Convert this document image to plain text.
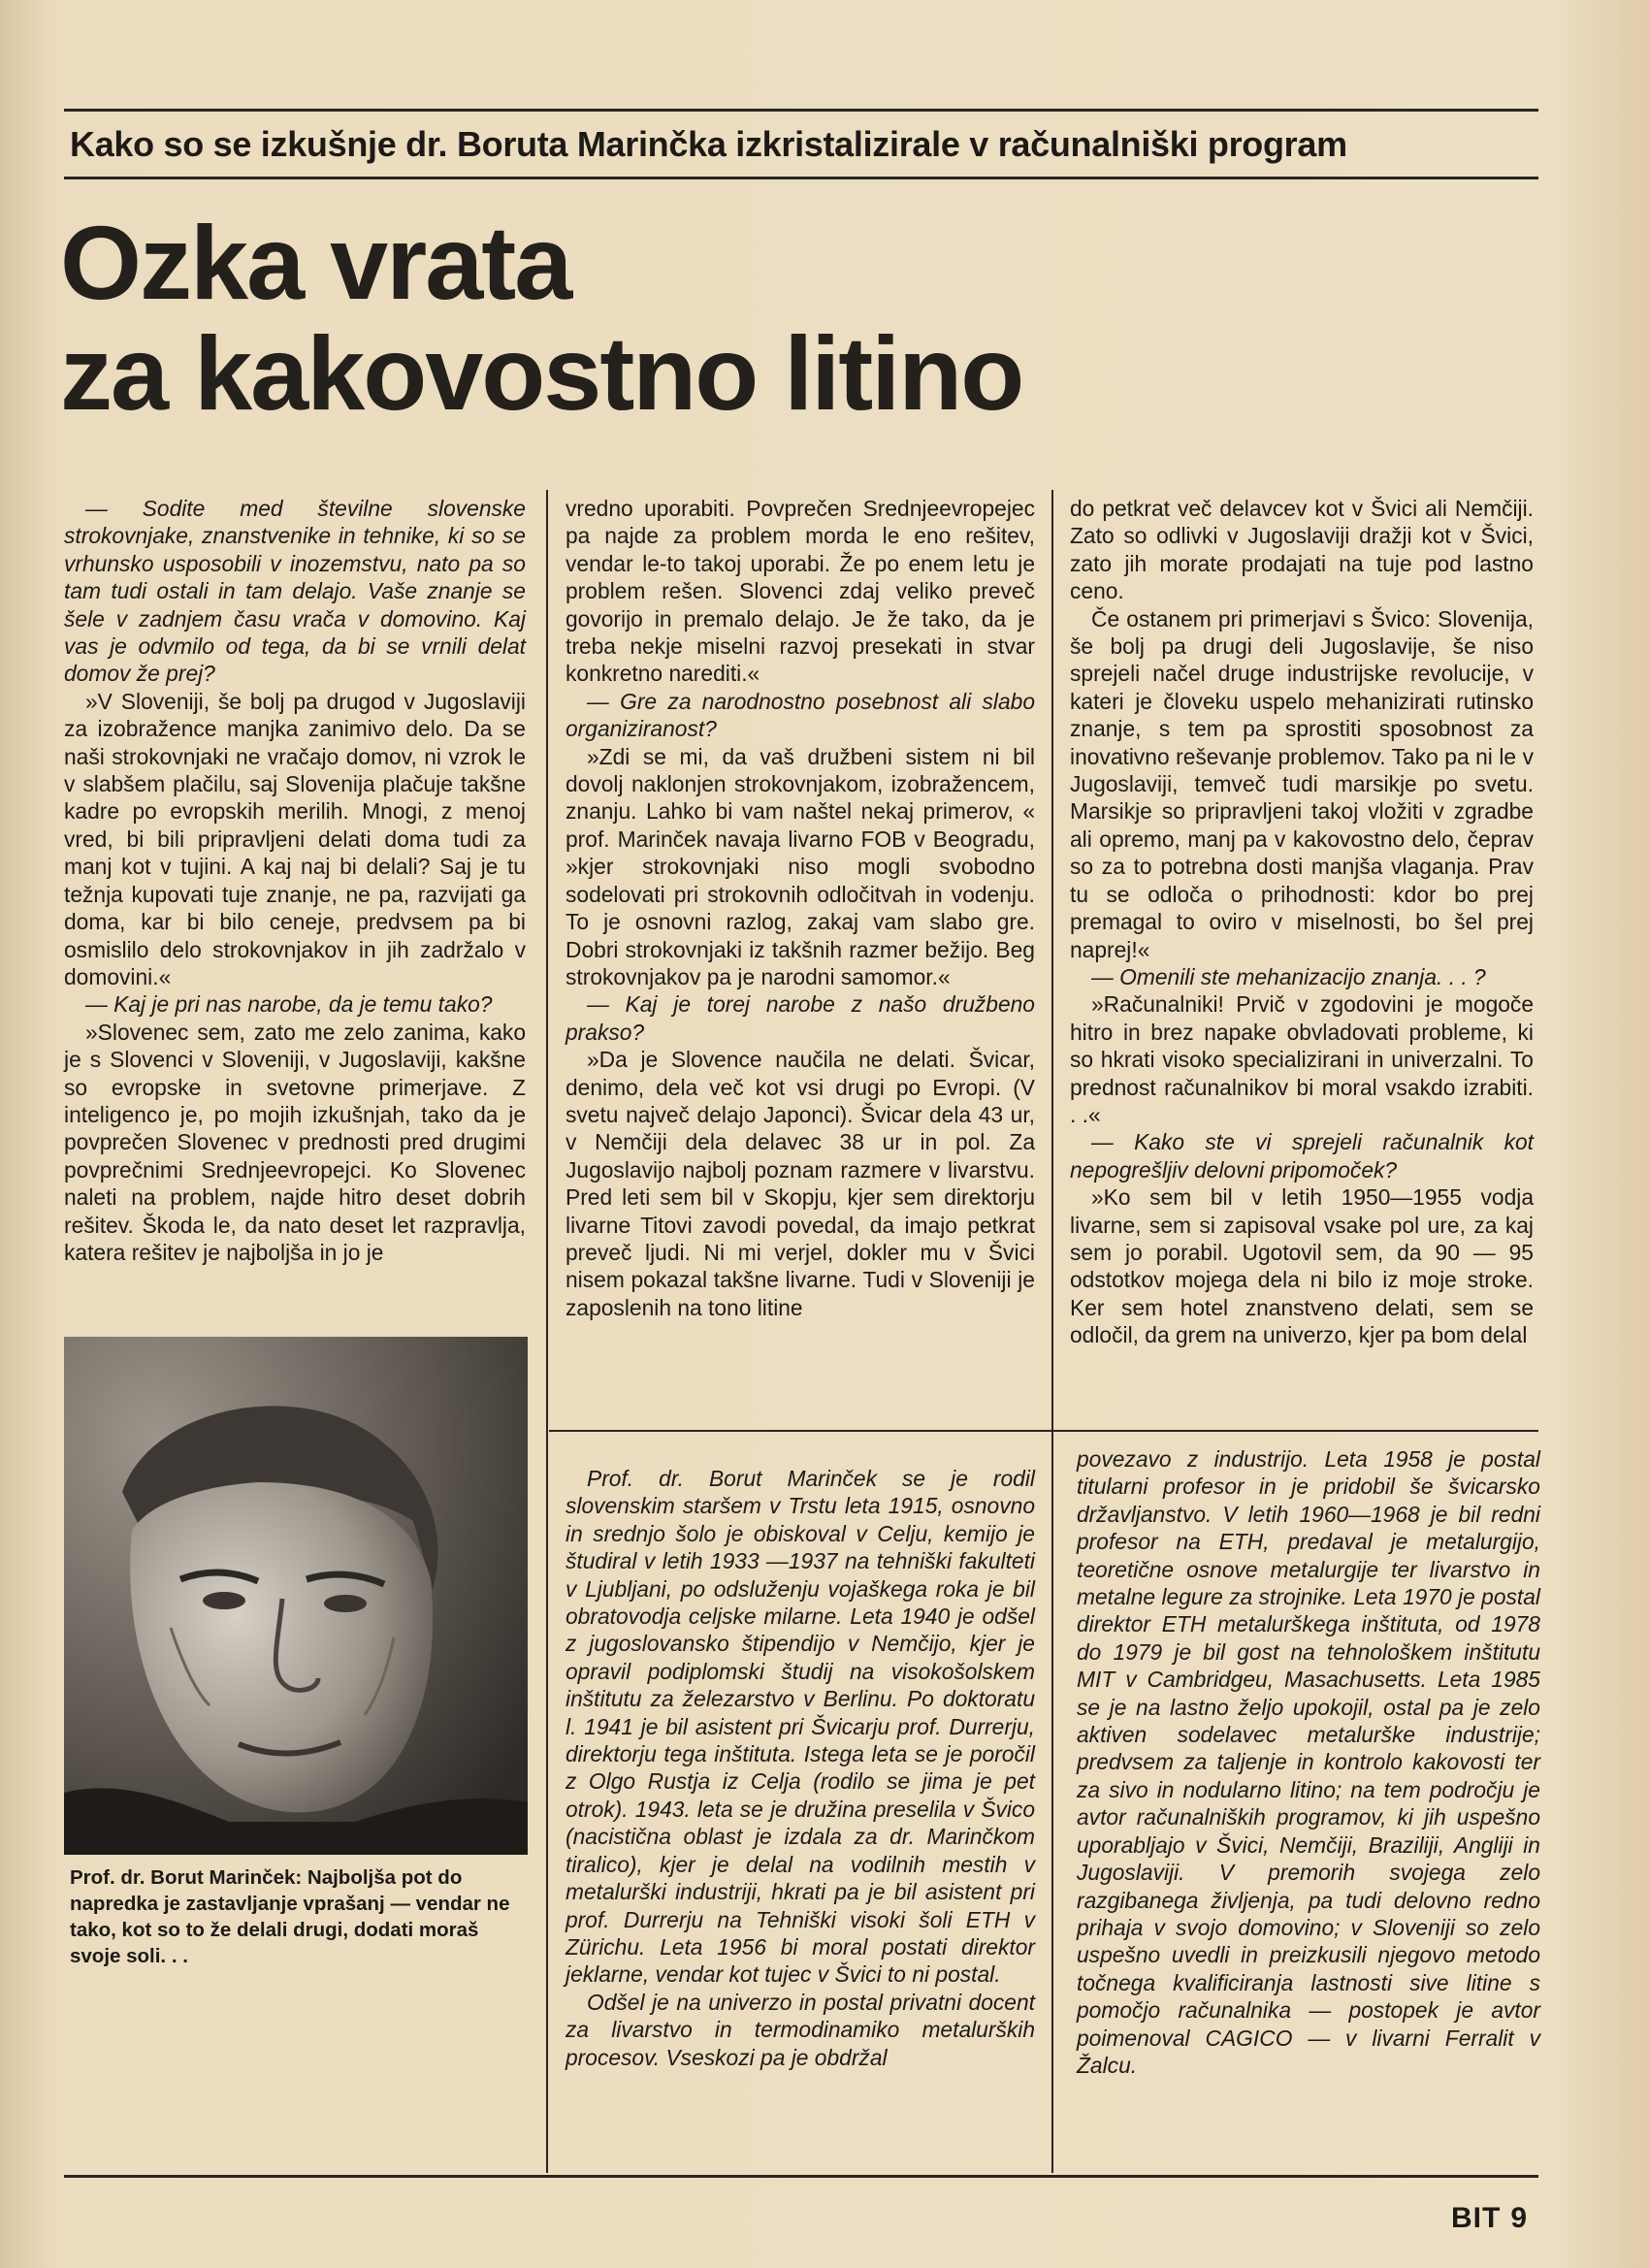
Kako so se izkušnje dr. Boruta Marinčka izkristalizirale v računalniški program
Ozka vrata
za kakovostno litino

— Sodite med številne slovenske strokovnjake, znanstvenike in tehnike, ki so se vrhunsko usposobili v inozemstvu, nato pa so tam tudi ostali in tam delajo. Vaše znanje se šele v zadnjem času vrača v domovino. Kaj vas je odvmilo od tega, da bi se vrnili delat domov že prej?

»V Sloveniji, še bolj pa drugod v Jugoslaviji za izobražence manjka zanimivo delo. Da se naši strokovnjaki ne vračajo domov, ni vzrok le v slabšem plačilu, saj Slovenija plačuje takšne kadre po evropskih merilih. Mnogi, z menoj vred, bi bili pripravljeni delati doma tudi za manj kot v tujini. A kaj naj bi delali? Saj je tu težnja kupovati tuje znanje, ne pa, razvijati ga doma, kar bi bilo ceneje, predvsem pa bi osmislilo delo strokovnjakov in jih zadržalo v domovini.«

— Kaj je pri nas narobe, da je temu tako?

»Slovenec sem, zato me zelo zanima, kako je s Slovenci v Sloveniji, v Jugoslaviji, kakšne so evropske in svetovne primerjave. Z inteligenco je, po mojih izkušnjah, tako da je povprečen Slovenec v prednosti pred drugimi povprečnimi Srednjeevropejci. Ko Slovenec naleti na problem, najde hitro deset dobrih rešitev. Škoda le, da nato deset let razpravlja, katera rešitev je najboljša in jo je

vredno uporabiti. Povprečen Srednjeevropejec pa najde za problem morda le eno rešitev, vendar le-to takoj uporabi. Že po enem letu je problem rešen. Slovenci zdaj veliko preveč govorijo in premalo delajo. Je že tako, da je treba nekje miselni razvoj presekati in stvar konkretno narediti.«

— Gre za narodnostno posebnost ali slabo organiziranost?

»Zdi se mi, da vaš družbeni sistem ni bil dovolj naklonjen strokovnjakom, izobražencem, znanju. Lahko bi vam naštel nekaj primerov, « prof. Marinček navaja livarno FOB v Beogradu, »kjer strokovnjaki niso mogli svobodno sodelovati pri strokovnih odločitvah in vodenju. To je osnovni razlog, zakaj vam slabo gre. Dobri strokovnjaki iz takšnih razmer bežijo. Beg strokovnjakov pa je narodni samomor.«

— Kaj je torej narobe z našo družbeno prakso?

»Da je Slovence naučila ne delati. Švicar, denimo, dela več kot vsi drugi po Evropi. (V svetu največ delajo Japonci). Švicar dela 43 ur, v Nemčiji dela delavec 38 ur in pol. Za Jugoslavijo najbolj poznam razmere v livarstvu. Pred leti sem bil v Skopju, kjer sem direktorju livarne Titovi zavodi povedal, da imajo petkrat preveč ljudi. Ni mi verjel, dokler mu v Švici nisem pokazal takšne livarne. Tudi v Sloveniji je zaposlenih na tono litine

do petkrat več delavcev kot v Švici ali Nemčiji. Zato so odlivki v Jugoslaviji dražji kot v Švici, zato jih morate prodajati na tuje pod lastno ceno.

Če ostanem pri primerjavi s Švico: Slovenija, še bolj pa drugi deli Jugoslavije, še niso sprejeli načel druge industrijske revolucije, v kateri je človeku uspelo mehanizirati rutinsko znanje, s tem pa sprostiti sposobnost za inovativno reševanje problemov. Tako pa ni le v Jugoslaviji, temveč tudi marsikje po svetu. Marsikje so pripravljeni takoj vložiti v zgradbe ali opremo, manj pa v kakovostno delo, čeprav so za to potrebna dosti manjša vlaganja. Prav tu se odloča o prihodnosti: kdor bo prej premagal to oviro v miselnosti, bo šel prej naprej!«

— Omenili ste mehanizacijo znanja. . . ?

»Računalniki! Prvič v zgodovini je mogoče hitro in brez napake obvladovati probleme, ki so hkrati visoko specializirani in univerzalni. To prednost računalnikov bi moral vsakdo izrabiti. . .«

— Kako ste vi sprejeli računalnik kot nepogrešljiv delovni pripomoček?

»Ko sem bil v letih 1950—1955 vodja livarne, sem si zapisoval vsake pol ure, za kaj sem jo porabil. Ugotovil sem, da 90 — 95 odstotkov mojega dela ni bilo iz moje stroke. Ker sem hotel znanstveno delati, sem se odločil, da grem na univerzo, kjer pa bom delal

Prof. dr. Borut Marinček: Najboljša pot do napredka je zastavljanje vprašanj — vendar ne tako, kot so to že delali drugi, dodati moraš svoje soli. . .

Prof. dr. Borut Marinček se je rodil slovenskim staršem v Trstu leta 1915, osnovno in srednjo šolo je obiskoval v Celju, kemijo je študiral v letih 1933 —1937 na tehniški fakulteti v Ljubljani, po odsluženju vojaškega roka je bil obratovodja celjske milarne. Leta 1940 je odšel z jugoslovansko štipendijo v Nemčijo, kjer je opravil podiplomski študij na visokošolskem inštitutu za železarstvo v Berlinu. Po doktoratu l. 1941 je bil asistent pri Švicarju prof. Durrerju, direktorju tega inštituta. Istega leta se je poročil z Olgo Rustja iz Celja (rodilo se jima je pet otrok). 1943. leta se je družina preselila v Švico (nacistična oblast je izdala za dr. Marinčkom tiralico), kjer je delal na vodilnih mestih v metalurški industriji, hkrati pa je bil asistent pri prof. Durrerju na Tehniški visoki šoli ETH v Zürichu. Leta 1956 bi moral postati direktor jeklarne, vendar kot tujec v Švici to ni postal.

Odšel je na univerzo in postal privatni docent za livarstvo in termodinamiko metalurških procesov. Vseskozi pa je obdržal

povezavo z industrijo. Leta 1958 je postal titularni profesor in je pridobil še švicarsko državljanstvo. V letih 1960—1968 je bil redni profesor na ETH, predaval je metalurgijo, teoretične osnove metalurgije ter livarstvo in metalne legure za strojnike. Leta 1970 je postal direktor ETH metalurškega inštituta, od 1978 do 1979 je bil gost na tehnološkem inštitutu MIT v Cambridgeu, Masachusetts. Leta 1985 se je na lastno željo upokojil, ostal pa je zelo aktiven sodelavec metalurške industrije; predvsem za taljenje in kontrolo kakovosti ter za sivo in nodularno litino; na tem področju je avtor računalniških programov, ki jih uspešno uporabljajo v Švici, Nemčiji, Braziliji, Angliji in Jugoslaviji. V premorih svojega zelo razgibanega življenja, pa tudi delovno redno prihaja v svojo domovino; v Sloveniji so zelo uspešno uvedli in preizkusili njegovo metodo točnega kvalificiranja lastnosti sive litine s pomočjo računalnika — postopek je avtor poimenoval CAGICO — v livarni Ferralit v Žalcu.

BIT 9
